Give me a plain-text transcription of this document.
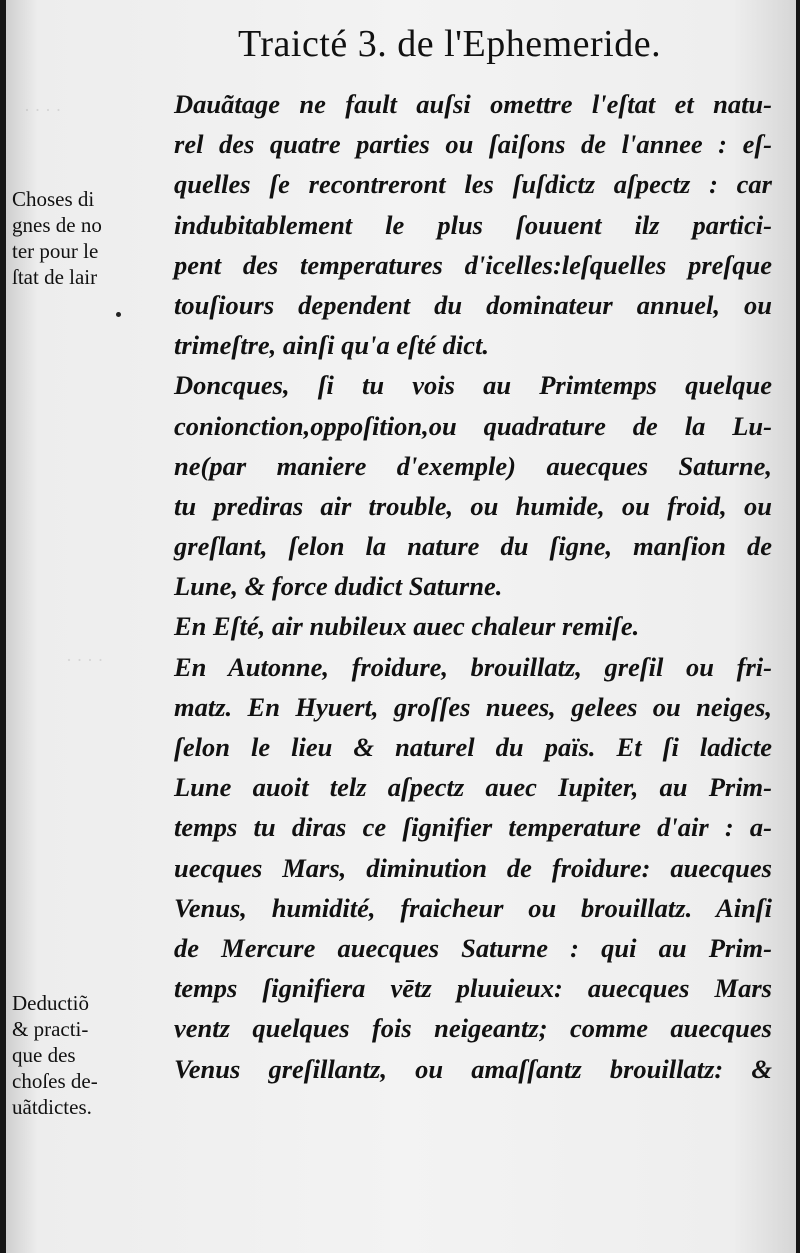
· · · ·
· · · ·
Traicté 3. de l'Ephemeride.
Choses di
gnes de no
ter pour le
ſtat de lair
Deductiõ
& practi-
que des
choſes de-
uãtdictes.
Dauãtage ne fault auſsi omettre l'eſtat et natu-
rel des quatre parties ou ſaiſons de l'annee : eſ-
quelles ſe recontreront les ſuſdictz aſpectz : car
indubitablement le plus ſouuent ilz partici-
pent des temperatures d'icelles:leſquelles preſque
touſiours dependent du dominateur annuel, ou
trimeſtre, ainſi qu'a eſté dict.
Doncques, ſi tu vois au Primtemps quelque
conionction,oppoſition,ou quadrature de la Lu-
ne(par maniere d'exemple) auecques Saturne,
tu prediras air trouble, ou humide, ou froid, ou
greſlant, ſelon la nature du ſigne, manſion de
Lune, & force dudict Saturne.
En Eſté, air nubileux auec chaleur remiſe.
En Autonne, froidure, brouillatz, greſil ou fri-
matz. En Hyuert, groſſes nuees, gelees ou neiges,
ſelon le lieu & naturel du païs. Et ſi ladicte
Lune auoit telz aſpectz auec Iupiter, au Prim-
temps tu diras ce ſignifier temperature d'air : a-
uecques Mars, diminution de froidure: auecques
Venus, humidité, fraicheur ou brouillatz. Ainſi
de Mercure auecques Saturne : qui au Prim-
temps ſignifiera vētz pluuieux: auecques Mars
ventz quelques fois neigeantz; comme auecques
Venus greſillantz, ou amaſſantz brouillatz: &
